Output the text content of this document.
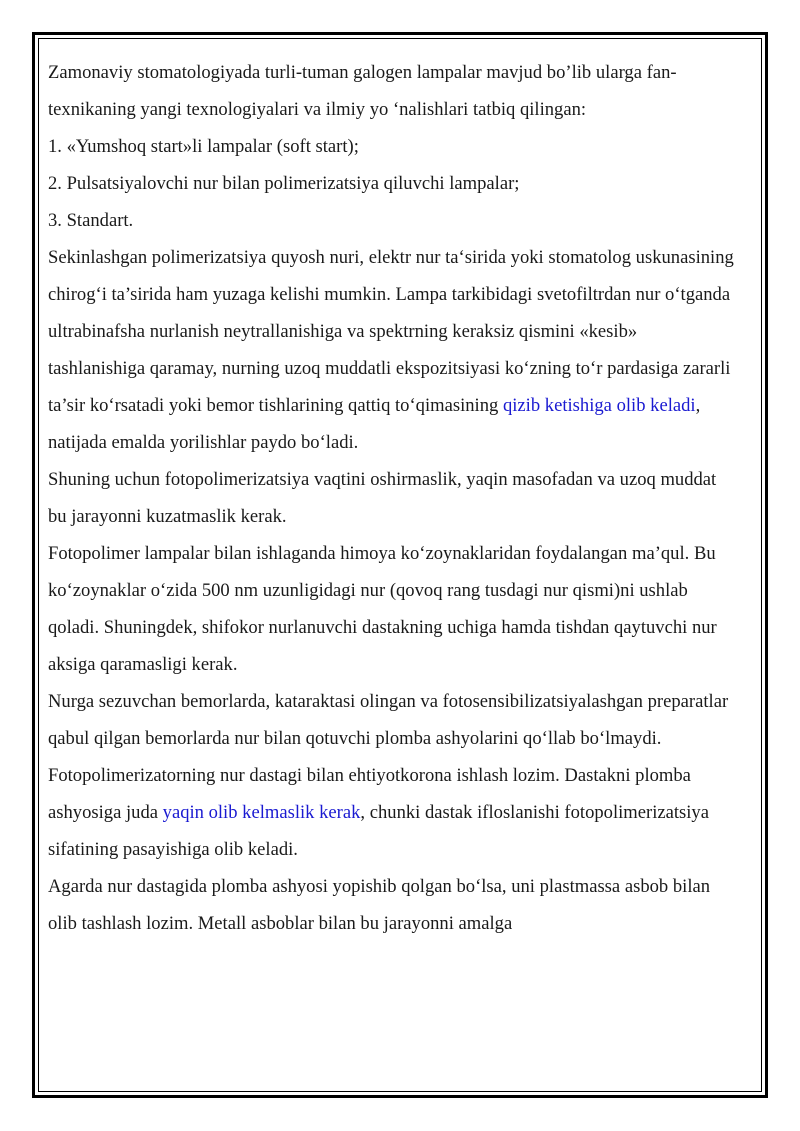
Zamonaviy stomatologiyada turli-tuman galogen lampalar mavjud bo’lib ularga fan-texnikaning yangi texnologiyalari va ilmiy yo ‘nalishlari tatbiq qilingan:

1. «Yumshoq start»li lampalar (soft start);

2. Pulsatsiyalovchi nur bilan polimerizatsiya qiluvchi lampalar;

3. Standart.

Sekinlashgan polimerizatsiya quyosh nuri, elektr nur ta‘sirida yoki stomatolog uskunasining chirog‘i ta’sirida ham yuzaga kelishi mumkin. Lampa tarkibidagi svetofiltrdan nur o‘tganda ultrabinafsha nurlanish neytrallanishiga va spektrning keraksiz qismini «kesib» tashlanishiga qaramay, nurning uzoq muddatli ekspozitsiyasi ko‘zning to‘r pardasiga zararli ta’sir ko‘rsatadi yoki bemor tishlarining qattiq to‘qimasining qizib ketishiga olib keladi, natijada emalda yorilishlar paydo bo‘ladi.

Shuning uchun fotopolimerizatsiya vaqtini oshirmaslik, yaqin masofadan va uzoq muddat bu jarayonni kuzatmaslik kerak.

Fotopolimer lampalar bilan ishlaganda himoya ko‘zoynaklaridan foydalangan ma’qul. Bu ko‘zoynaklar o‘zida 500 nm uzunligidagi nur (qovoq rang tusdagi nur qismi)ni ushlab qoladi. Shuningdek, shifokor nurlanuvchi dastakning uchiga hamda tishdan qaytuvchi nur aksiga qaramasligi kerak.

Nurga sezuvchan bemorlarda, kataraktasi olingan va fotosensibilizatsiyalashgan preparatlar qabul qilgan bemorlarda nur bilan qotuvchi plomba ashyolarini qo‘llab bo‘lmaydi.

Fotopolimerizatorning nur dastagi bilan ehtiyotkorona ishlash lozim. Dastakni plomba ashyosiga juda yaqin olib kelmaslik kerak, chunki dastak ifloslanishi fotopolimerizatsiya sifatining pasayishiga olib keladi.

Agarda nur dastagida plomba ashyosi yopishib qolgan bo‘lsa, uni plastmassa asbob bilan olib tashlash lozim. Metall asboblar bilan bu jarayonni amalga
